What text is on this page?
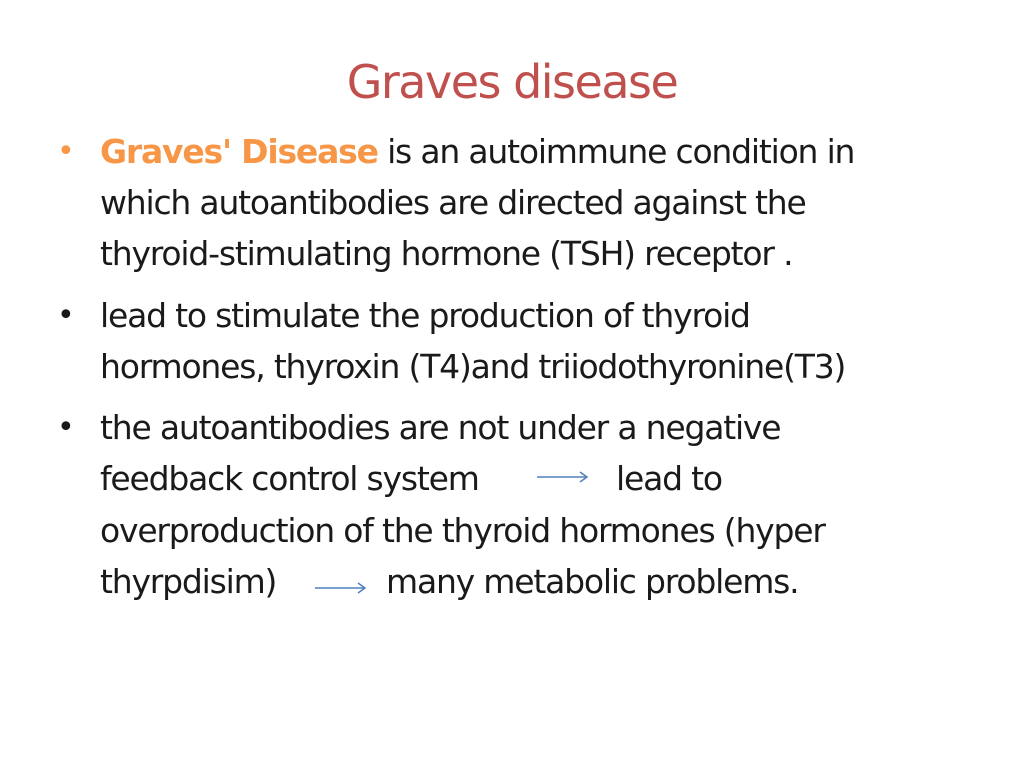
Graves disease
• Graves' Disease is an autoimmune condition in
which autoantibodies are directed against the
thyroid-stimulating hormone (TSH) receptor .
• lead to stimulate the production of thyroid
hormones, thyroxin (T4)and triiodothyronine(T3)
• the autoantibodies are not under a negative
feedback control system	lead to
overproduction of the thyroid hormones (hyper
thyrpdisim)	many metabolic problems.
